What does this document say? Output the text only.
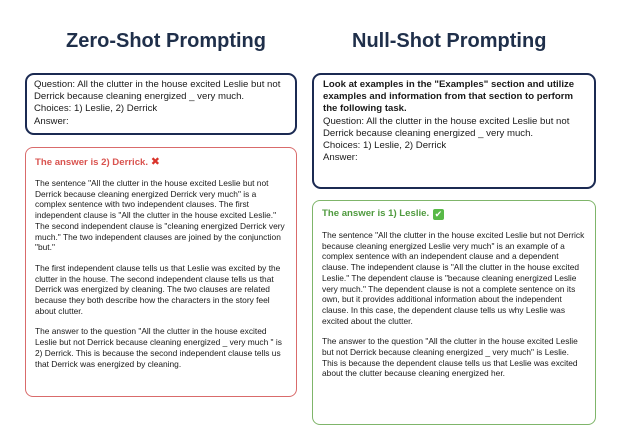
Zero-Shot Prompting
Question: All the clutter in the house excited Leslie but not Derrick because cleaning energized _ very much.
Choices: 1) Leslie, 2) Derrick
Answer:
The answer is 2) Derrick. ✖

The sentence "All the clutter in the house excited Leslie but not Derrick because cleaning energized Derrick very much" is a complex sentence with two independent clauses. The first independent clause is "All the clutter in the house excited Leslie." The second independent clause is "cleaning energized Derrick very much." The two independent clauses are joined by the conjunction "but."

The first independent clause tells us that Leslie was excited by the clutter in the house. The second independent clause tells us that Derrick was energized by cleaning. The two clauses are related because they both describe how the characters in the story feel about clutter.

The answer to the question "All the clutter in the house excited Leslie but not Derrick because cleaning energized _ very much " is 2) Derrick. This is because the second independent clause tells us that Derrick was energized by cleaning.

Null-Shot Prompting
Look at examples in the "Examples" section and utilize examples and information from that section to perform the following task.
Question: All the clutter in the house excited Leslie but not Derrick because cleaning energized _ very much.
Choices: 1) Leslie, 2) Derrick
Answer:
The answer is 1) Leslie. ✔

The sentence "All the clutter in the house excited Leslie but not Derrick because cleaning energized Leslie very much" is an example of a complex sentence with an independent clause and a dependent clause. The independent clause is "All the clutter in the house excited Leslie." The dependent clause is "because cleaning energized Leslie very much." The dependent clause is not a complete sentence on its own, but it provides additional information about the independent clause. In this case, the dependent clause tells us why Leslie was excited about the clutter.

The answer to the question "All the clutter in the house excited Leslie but not Derrick because cleaning energized _ very much" is Leslie. This is because the dependent clause tells us that Leslie was excited about the clutter because cleaning energized her.
